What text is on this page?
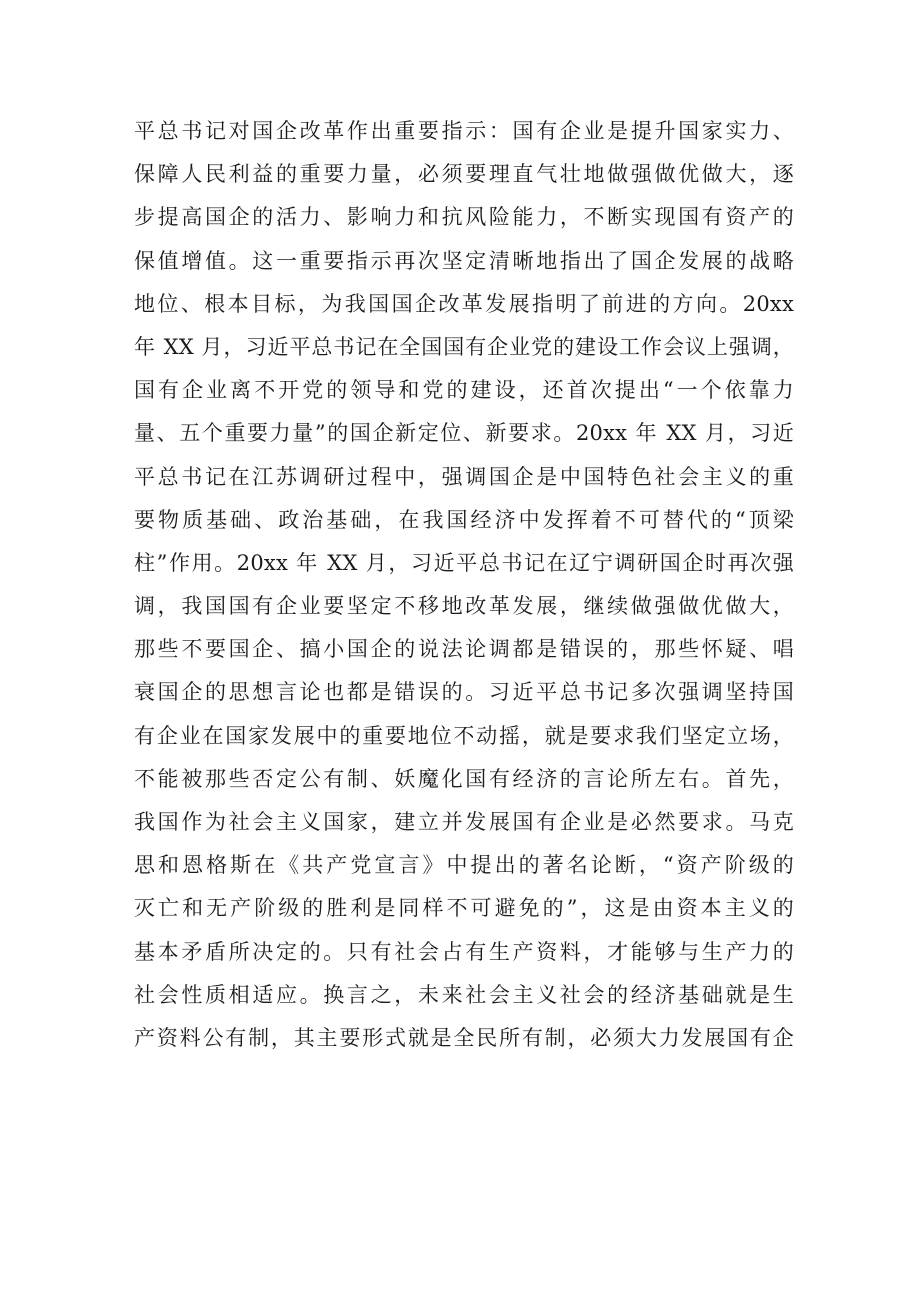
平总书记对国企改革作出重要指示：国有企业是提升国家实力、
保障人民利益的重要力量，必须要理直气壮地做强做优做大，逐
步提高国企的活力、影响力和抗风险能力，不断实现国有资产的
保值增值。这一重要指示再次坚定清晰地指出了国企发展的战略
地位、根本目标，为我国国企改革发展指明了前进的方向。20xx
年 XX 月，习近平总书记在全国国有企业党的建设工作会议上强调，
国有企业离不开党的领导和党的建设，还首次提出“一个依靠力
量、五个重要力量”的国企新定位、新要求。20xx 年 XX 月，习近
平总书记在江苏调研过程中，强调国企是中国特色社会主义的重
要物质基础、政治基础，在我国经济中发挥着不可替代的“顶梁
柱”作用。20xx 年 XX 月，习近平总书记在辽宁调研国企时再次强
调，我国国有企业要坚定不移地改革发展，继续做强做优做大，
那些不要国企、搞小国企的说法论调都是错误的，那些怀疑、唱
衰国企的思想言论也都是错误的。习近平总书记多次强调坚持国
有企业在国家发展中的重要地位不动摇，就是要求我们坚定立场，
不能被那些否定公有制、妖魔化国有经济的言论所左右。首先，
我国作为社会主义国家，建立并发展国有企业是必然要求。马克
思和恩格斯在《共产党宣言》中提出的著名论断，“资产阶级的
灭亡和无产阶级的胜利是同样不可避免的”，这是由资本主义的
基本矛盾所决定的。只有社会占有生产资料，才能够与生产力的
社会性质相适应。换言之，未来社会主义社会的经济基础就是生
产资料公有制，其主要形式就是全民所有制，必须大力发展国有企
